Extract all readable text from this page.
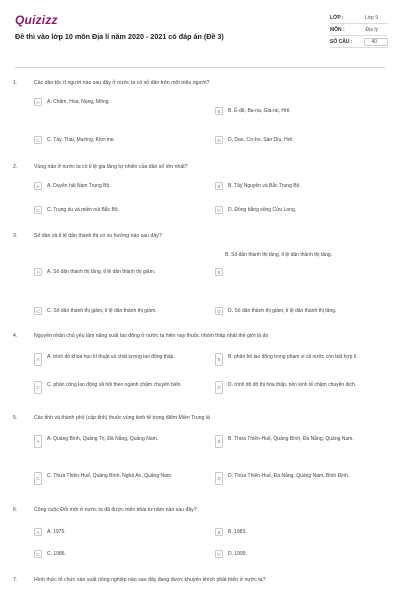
Quizizz
Đề thi vào lớp 10 môn Địa lí năm 2020 - 2021 có đáp án (Đề 3)
LỚP :	Lớp 9
MÔN :	Địa lý
SỐ CÂU :	40
1.	Các dân tộc ít người nào sau đây ở nước ta có số dân trên một triệu người?
A	A. Chăm, Hoa, Nùng, Mông.
B	B. Ê-đê, Ba-na, Gia-rai, Hrê.
C	C. Tày, Thái, Mường, Khơ-me.	D	D. Dao, Cơ-ho, Sán Dìu, Hrê.
2.	Vùng nào ở nước ta có tỉ lệ gia tăng tự nhiên của dân số lớn nhất?
A	A. Duyên hải Nam Trung Bộ.	B	B. Tây Nguyên và Bắc Trung Bộ.
C	C. Trung du và miền núi Bắc Bộ.	D	D. Đồng bằng sông Cửu Long.
3.	Số dân và tỉ lệ dân thành thị có xu hướng nào sau đây?
B. Số dân thành thị tăng, tỉ lệ dân thành thị tăng.
A	A. Số dân thành thị tăng, tỉ lệ dân thành thị giảm.	B
C	C. Số dân thành thị giảm, tỉ lệ dân thành thị giảm.	D	D. Số dân thành thị giảm, tỉ lệ dân thành thị tăng.
4.	Nguyên nhân chủ yếu làm năng suất lao động ở nước ta hiện nay thuộc nhóm thấp nhất thế giới là do
A	A. trình độ khoa học kĩ thuật và chất lượng lao động thấp.	B	B. phân bố lao động trong phạm vi cả nước còn bất hợp lí.
C	C. phân công lao động xã hội theo ngành chậm chuyển biến.	D	D. trình độ đô thị hóa thấp, nền kinh tế chậm chuyển dịch.
5.	Các tỉnh và thành phố (cấp tỉnh) thuộc vùng kinh tế trọng điểm Miền Trung là
A	A. Quảng Bình, Quảng Trị, Đà Nẵng, Quảng Nam.	B	B. Thừa Thiên-Huế, Quảng Bình, Đà Nẵng, Quảng Nam.
C	C. Thừa Thiên-Huế, Quảng Bình, Nghệ An, Quảng Nam.	D	D. Thừa Thiên-Huế, Đà Nẵng, Quảng Nam, Bình Định.
6.	Công cuộc Đổi mới ở nước ta đã được triển khai từ năm nào sau đây?
A	A. 1975.	B	B. 1983.
C	C. 1986.	D	D. 1999.
7.	Hình thức tổ chức sản xuất nông nghiệp nào sau đây đang được khuyến khích phát triển ở nước ta?
